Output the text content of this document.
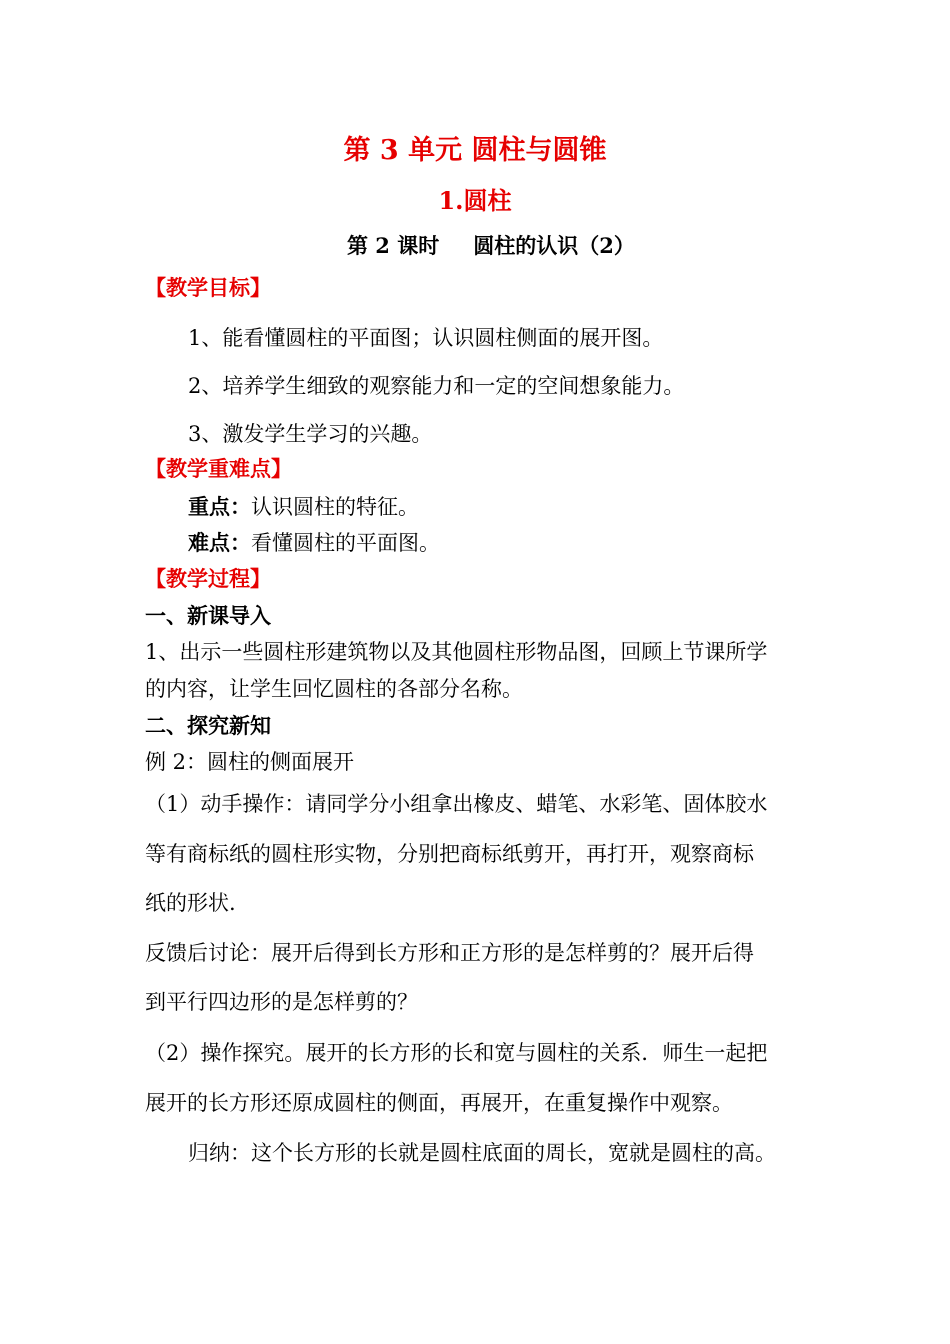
第 3 单元 圆柱与圆锥
1.圆柱
第 2 课时 圆柱的认识（2）
【教学目标】
1、能看懂圆柱的平面图；认识圆柱侧面的展开图。
2、培养学生细致的观察能力和一定的空间想象能力。
3、激发学生学习的兴趣。
【教学重难点】
重点：认识圆柱的特征。
难点：看懂圆柱的平面图。
【教学过程】
一、新课导入
1、出示一些圆柱形建筑物以及其他圆柱形物品图，回顾上节课所学
的内容，让学生回忆圆柱的各部分名称。
二、探究新知
例 2：圆柱的侧面展开
（1）动手操作：请同学分小组拿出橡皮、蜡笔、水彩笔、固体胶水
等有商标纸的圆柱形实物，分别把商标纸剪开，再打开，观察商标
纸的形状.
反馈后讨论：展开后得到长方形和正方形的是怎样剪的？展开后得
到平行四边形的是怎样剪的？
（2）操作探究。展开的长方形的长和宽与圆柱的关系．师生一起把
展开的长方形还原成圆柱的侧面，再展开，在重复操作中观察。
归纳：这个长方形的长就是圆柱底面的周长，宽就是圆柱的高。
